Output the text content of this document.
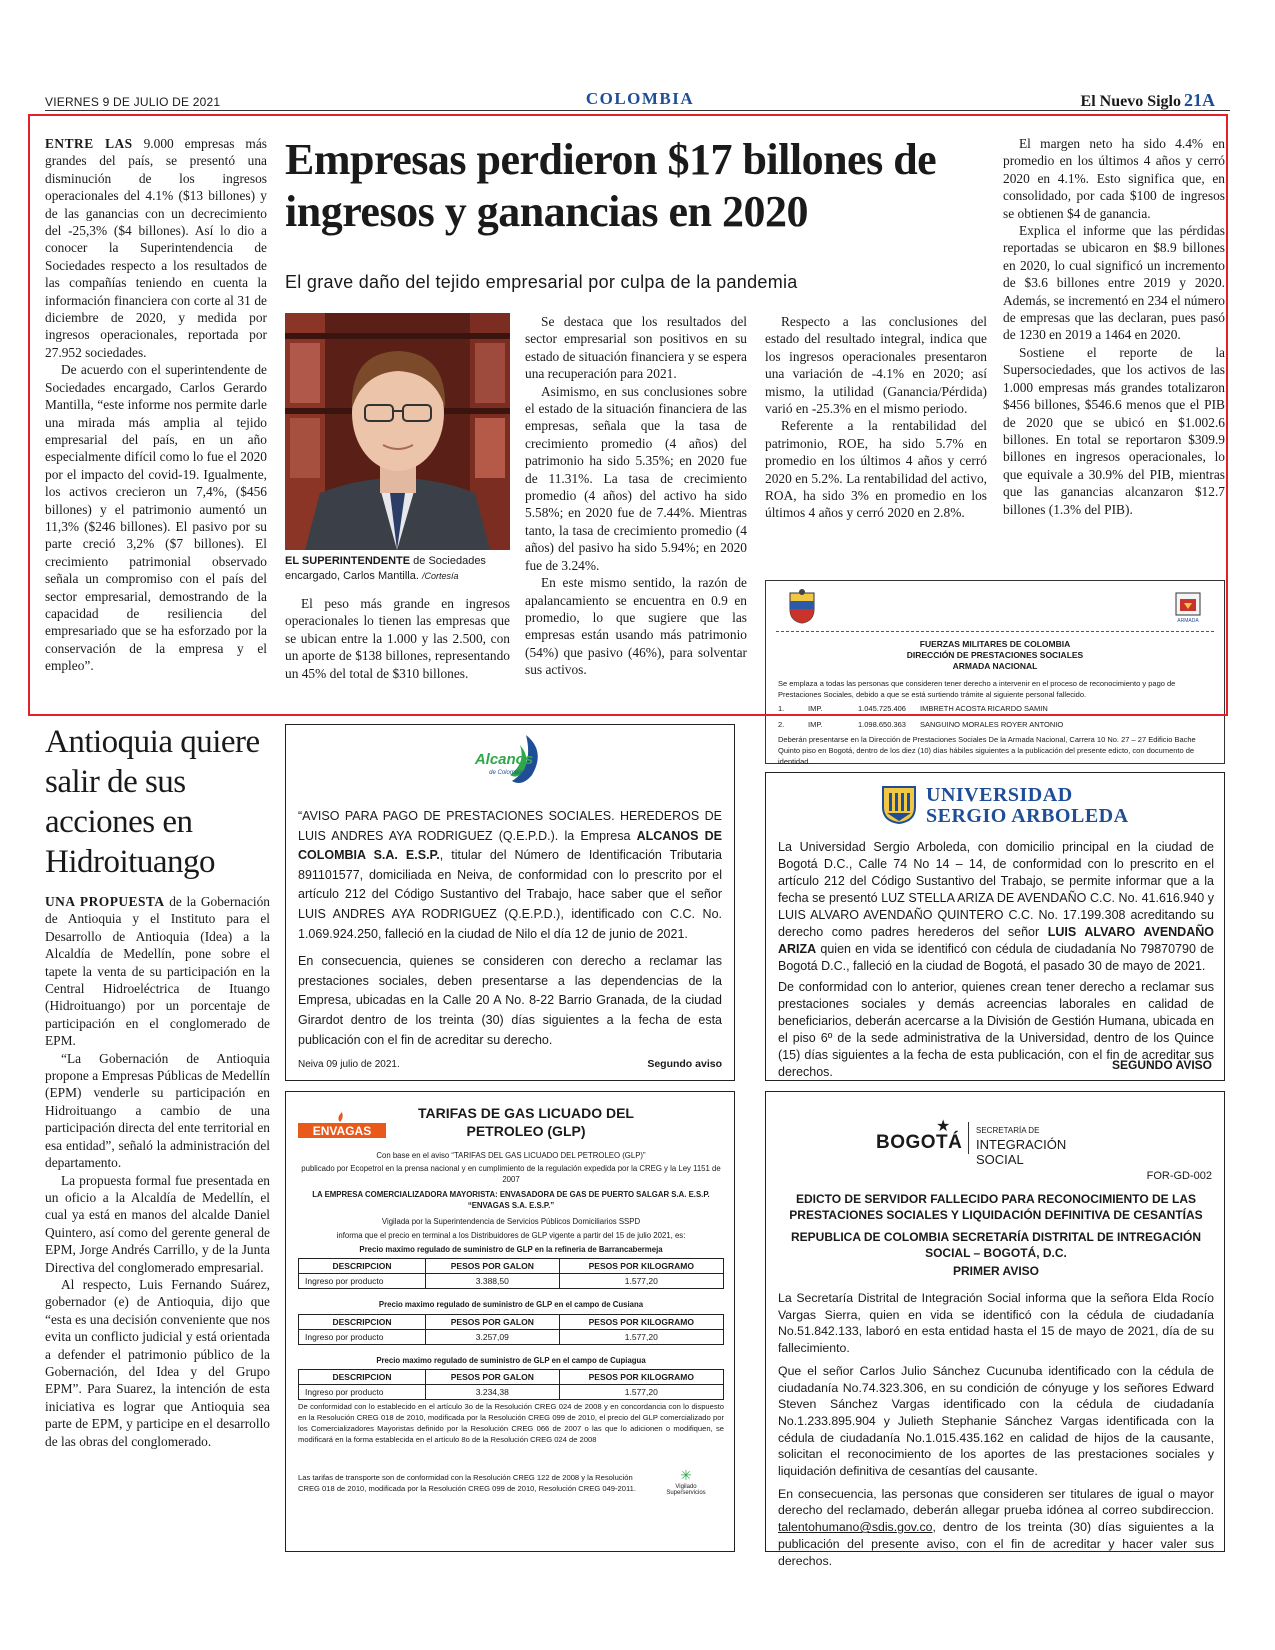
VIERNES 9 DE JULIO DE 2021	COLOMBIA	El Nuevo Siglo 21A

ENTRE LAS 9.000 empresas más grandes del país, se presentó una disminución de los ingresos operacionales del 4.1% ($13 billones) y de las ganancias con un decrecimiento del -25,3% ($4 billones). Así lo dio a conocer la Superintendencia de Sociedades respecto a los resultados de las compañías teniendo en cuenta la información financiera con corte al 31 de diciembre de 2020, y medida por ingresos operacionales, reportada por 27.952 sociedades.

De acuerdo con el superintendente de Sociedades encargado, Carlos Gerardo Mantilla, “este informe nos permite darle una mirada más amplia al tejido empresarial del país, en un año especialmente difícil como lo fue el 2020 por el impacto del covid-19. Igualmente, los activos crecieron un 7,4%, ($456 billones) y el patrimonio aumentó un 11,3% ($246 billones). El pasivo por su parte creció 3,2% ($7 billones). El crecimiento patrimonial observado señala un compromiso con el país del sector empresarial, demostrando de la capacidad de resiliencia del empresariado que se ha esforzado por la conservación de la empresa y el empleo”.

Empresas perdieron $17 billones de ingresos y ganancias en 2020
El grave daño del tejido empresarial por culpa de la pandemia
EL SUPERINTENDENTE de Sociedades encargado, Carlos Mantilla. /Cortesía

El peso más grande en ingresos operacionales lo tienen las empresas que se ubican entre la 1.000 y las 2.500, con un aporte de $138 billones, representando un 45% del total de $310 billones.

Se destaca que los resultados del sector empresarial son positivos en su estado de situación financiera y se espera una recuperación para 2021.

Asimismo, en sus conclusiones sobre el estado de la situación financiera de las empresas, señala que la tasa de crecimiento promedio (4 años) del patrimonio ha sido 5.35%; en 2020 fue de 11.31%. La tasa de crecimiento promedio (4 años) del activo ha sido 5.58%; en 2020 fue de 7.44%. Mientras tanto, la tasa de crecimiento promedio (4 años) del pasivo ha sido 5.94%; en 2020 fue de 3.24%.

En este mismo sentido, la razón de apalancamiento se encuentra en 0.9 en promedio, lo que sugiere que las empresas están usando más patrimonio (54%) que pasivo (46%), para solventar sus activos.

Respecto a las conclusiones del estado del resultado integral, indica que los ingresos operacionales presentaron una variación de -4.1% en 2020; así mismo, la utilidad (Ganancia/Pérdida) varió en -25.3% en el mismo periodo.

Referente a la rentabilidad del patrimonio, ROE, ha sido 5.7% en promedio en los últimos 4 años y cerró 2020 en 5.2%. La rentabilidad del activo, ROA, ha sido 3% en promedio en los últimos 4 años y cerró 2020 en 2.8%.

El margen neto ha sido 4.4% en promedio en los últimos 4 años y cerró 2020 en 4.1%. Esto significa que, en consolidado, por cada $100 de ingresos se obtienen $4 de ganancia.

Explica el informe que las pérdidas reportadas se ubicaron en $8.9 billones en 2020, lo cual significó un incremento de $3.6 billones entre 2019 y 2020. Además, se incrementó en 234 el número de empresas que las declaran, pues pasó de 1230 en 2019 a 1464 en 2020.

Sostiene el reporte de la Supersociedades, que los activos de las 1.000 empresas más grandes totalizaron $456 billones, $546.6 menos que el PIB de 2020 que se ubicó en $1.002.6 billones. En total se reportaron $309.9 billones en ingresos operacionales, lo que equivale a 30.9% del PIB, mientras que las ganancias alcanzaron $12.7 billones (1.3% del PIB).

ARMADA
FUERZAS MILITARES DE COLOMBIA
DIRECCIÓN DE PRESTACIONES SOCIALES
ARMADA NACIONAL
Se emplaza a todas las personas que consideren tener derecho a intervenir en el proceso de reconocimiento y pago de Prestaciones Sociales, debido a que se está surtiendo trámite al siguiente personal fallecido.
1.	IMP.	1.045.725.406 IMBRETH ACOSTA RICARDO SAMIN
2.	IMP.	1.098.650.363 SANGUINO MORALES ROYER ANTONIO
Deberán presentarse en la Dirección de Prestaciones Sociales De la Armada Nacional, Carrera 10 No. 27 – 27 Edificio Bache Quinto piso en Bogotá, dentro de los diez (10) días hábiles siguientes a la publicación del presente edicto, con documento de identidad.
Antioquia quiere salir de sus acciones en Hidroituango

UNA PROPUESTA de la Gobernación de Antioquia y el Instituto para el Desarrollo de Antioquia (Idea) a la Alcaldía de Medellín, pone sobre el tapete la venta de su participación en la Central Hidroeléctrica de Ituango (Hidroituango) por un porcentaje de participación en el conglomerado de EPM.

“La Gobernación de Antioquia propone a Empresas Públicas de Medellín (EPM) venderle su participación en Hidroituango a cambio de una participación directa del ente territorial en esa entidad”, señaló la administración del departamento.

La propuesta formal fue presentada en un oficio a la Alcaldía de Medellín, el cual ya está en manos del alcalde Daniel Quintero, así como del gerente general de EPM, Jorge Andrés Carrillo, y de la Junta Directiva del conglomerado empresarial.

Al respecto, Luis Fernando Suárez, gobernador (e) de Antioquia, dijo que “esta es una decisión conveniente que nos evita un conflicto judicial y está orientada a defender el patrimonio público de la Gobernación, del Idea y del Grupo EPM”. Para Suarez, la intención de esta iniciativa es lograr que Antioquia sea parte de EPM, y participe en el desarrollo de las obras del conglomerado.

Alcanos
de Colombia

“AVISO PARA PAGO DE PRESTACIONES SOCIALES. HEREDEROS DE LUIS ANDRES AYA RODRIGUEZ (Q.E.P.D.). la Empresa ALCANOS DE COLOMBIA S.A. E.S.P., titular del Número de Identificación Tributaria 891101577, domiciliada en Neiva, de conformidad con lo prescrito por el artículo 212 del Código Sustantivo del Trabajo, hace saber que el señor LUIS ANDRES AYA RODRIGUEZ (Q.E.P.D.), identificado con C.C. No. 1.069.924.250, falleció en la ciudad de Nilo el día 12 de junio de 2021.

En consecuencia, quienes se consideren con derecho a reclamar las prestaciones sociales, deben presentarse a las dependencias de la Empresa, ubicadas en la Calle 20 A No. 8-22 Barrio Granada, de la ciudad Girardot dentro de los treinta (30) días siguientes a la fecha de esta publicación con el fin de acreditar su derecho.

Neiva 09 julio de 2021.	Segundo aviso
UNIVERSIDAD
SERGIO ARBOLEDA

La Universidad Sergio Arboleda, con domicilio principal en la ciudad de Bogotá D.C., Calle 74 No 14 – 14, de conformidad con lo prescrito en el artículo 212 del Código Sustantivo del Trabajo, se permite informar que a la fecha se presentó LUZ STELLA ARIZA DE AVENDAÑO C.C. No. 41.616.940 y LUIS ALVARO AVENDAÑO QUINTERO C.C. No. 17.199.308 acreditando su derecho como padres herederos del señor LUIS ALVARO AVENDAÑO ARIZA quien en vida se identificó con cédula de ciudadanía No 79870790 de Bogotá D.C., falleció en la ciudad de Bogotá, el pasado 30 de mayo de 2021.

De conformidad con lo anterior, quienes crean tener derecho a reclamar sus prestaciones sociales y demás acreencias laborales en calidad de beneficiarios, deberán acercarse a la División de Gestión Humana, ubicada en el piso 6º de la sede administrativa de la Universidad, dentro de los Quince (15) días siguientes a la fecha de esta publicación, con el fin de acreditar sus derechos.	SEGUNDO AVISO
ENVAGAS
TARIFAS DE GAS LICUADO DEL PETROLEO (GLP)
Con base en el aviso “TARIFAS DEL GAS LICUADO DEL PETROLEO (GLP)”
publicado por Ecopetrol en la prensa nacional y en cumplimiento de la regulación expedida por la CREG y la Ley 1151 de 2007
LA EMPRESA COMERCIALIZADORA MAYORISTA: ENVASADORA DE GAS DE PUERTO SALGAR S.A. E.S.P. “ENVAGAS S.A. E.S.P.”
Vigilada por la Superintendencia de Servicios Públicos Domiciliarios SSPD
informa que el precio en terminal a los Distribuidores de GLP vigente a partir del 15 de julio 2021, es:
Precio maximo regulado de suministro de GLP en la refineria de Barrancabermeja
DESCRIPCION	PESOS POR GALON	PESOS POR KILOGRAMO
Ingreso por producto	3.388,50	1.577,20
Precio maximo regulado de suministro de GLP en el campo de Cusiana
DESCRIPCION	PESOS POR GALON	PESOS POR KILOGRAMO
Ingreso por producto	3.257,09	1.577,20
Precio maximo regulado de suministro de GLP en el campo de Cupiagua
DESCRIPCION	PESOS POR GALON	PESOS POR KILOGRAMO
Ingreso por producto	3.234,38	1.577,20
De conformidad con lo establecido en el artículo 3o de la Resolución CREG 024 de 2008 y en concordancia con lo dispuesto en la Resolución CREG 018 de 2010, modificada por la Resolución CREG 099 de 2010, el precio del GLP comercializado por los Comercializadores Mayoristas definido por la Resolución CREG 066 de 2007 o las que lo adicionen o modifiquen, se modificará en la forma establecida en el artículo 8o de la Resolución CREG 024 de 2008
Las tarifas de transporte son de conformidad con la Resolución CREG 122 de 2008 y la Resolución CREG 018 de 2010, modificada por la Resolución CREG 099 de 2010, Resolución CREG 049-2011.
✳
Vigilado Superservicios
BOGOTÁ
★	SECRETARÍA DE
INTEGRACIÓN SOCIAL
FOR-GD-002
EDICTO DE SERVIDOR FALLECIDO PARA RECONOCIMIENTO DE LAS PRESTACIONES SOCIALES Y LIQUIDACIÓN DEFINITIVA DE CESANTÍAS
REPUBLICA DE COLOMBIA SECRETARÍA DISTRITAL DE INTREGACIÓN SOCIAL – BOGOTÁ, D.C.
PRIMER AVISO

La Secretaría Distrital de Integración Social informa que la señora Elda Rocío Vargas Sierra, quien en vida se identificó con la cédula de ciudadanía No.51.842.133, laboró en esta entidad hasta el 15 de mayo de 2021, día de su fallecimiento.

Que el señor Carlos Julio Sánchez Cucunuba identificado con la cédula de ciudadanía No.74.323.306, en su condición de cónyuge y los señores Edward Steven Sánchez Vargas identificado con la cédula de ciudadanía No.1.233.895.904 y Julieth Stephanie Sánchez Vargas identificada con la cédula de ciudadanía No.1.015.435.162 en calidad de hijos de la causante, solicitan el reconocimiento de los aportes de las prestaciones sociales y liquidación definitiva de cesantías del causante.

En consecuencia, las personas que consideren ser titulares de igual o mayor derecho del reclamado, deberán allegar prueba idónea al correo subdireccion. talentohumano@sdis.gov.co, dentro de los treinta (30) días siguientes a la publicación del presente aviso, con el fin de acreditar y hacer valer sus derechos.
